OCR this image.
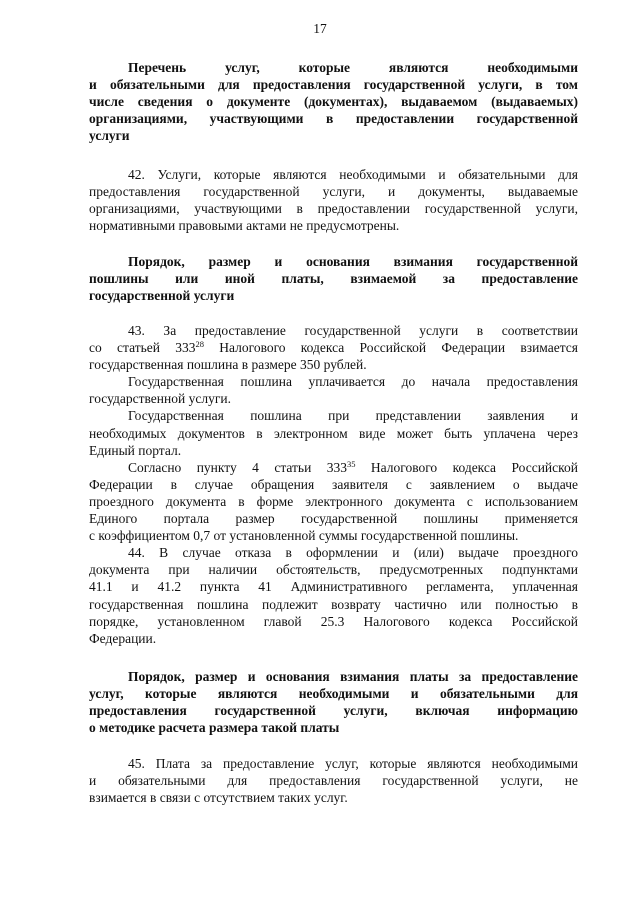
17
Перечень услуг, которые являются необходимыми
и обязательными для предоставления государственной услуги, в том
числе сведения о документе (документах), выдаваемом (выдаваемых)
организациями, участвующими в предоставлении государственной
услуги
42. Услуги, которые являются необходимыми и обязательными для
предоставления государственной услуги, и документы, выдаваемые
организациями, участвующими в предоставлении государственной услуги,
нормативными правовыми актами не предусмотрены.
Порядок, размер и основания взимания государственной
пошлины или иной платы, взимаемой за предоставление
государственной услуги
43. За предоставление государственной услуги в соответствии
со статьей $333^{28}$ Налогового кодекса Российской Федерации взимается
государственная пошлина в размере 350 рублей.
Государственная пошлина уплачивается до начала предоставления
государственной услуги.
Государственная пошлина при представлении заявления и
необходимых документов в электронном виде может быть уплачена через
Единый портал.
Согласно пункту 4 статьи $333^{35}$ Налогового кодекса Российской
Федерации в случае обращения заявителя с заявлением о выдаче
проездного документа в форме электронного документа с использованием
Единого портала размер государственной пошлины применяется
с коэффициентом 0,7 от установленной суммы государственной пошлины.
44. В случае отказа в оформлении и (или) выдаче проездного
документа при наличии обстоятельств, предусмотренных подпунктами
41.1 и 41.2 пункта 41 Административного регламента, уплаченная
государственная пошлина подлежит возврату частично или полностью в
порядке, установленном главой 25.3 Налогового кодекса Российской
Федерации.
Порядок, размер и основания взимания платы за предоставление
услуг, которые являются необходимыми и обязательными для
предоставления государственной услуги, включая информацию
о методике расчета размера такой платы
45. Плата за предоставление услуг, которые являются необходимыми
и обязательными для предоставления государственной услуги, не
взимается в связи с отсутствием таких услуг.
